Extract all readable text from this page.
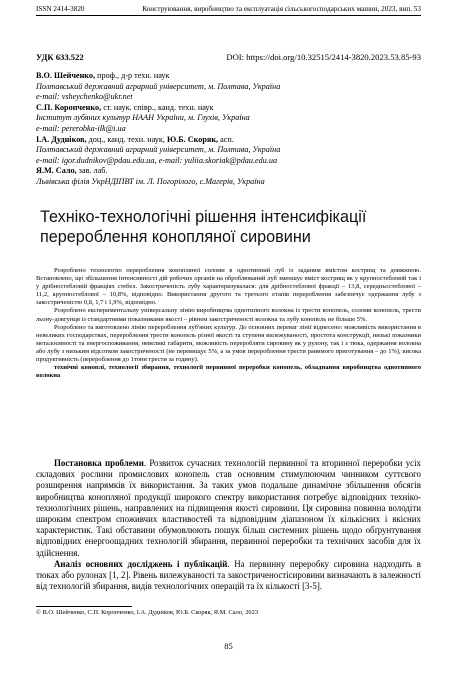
ISSN 2414-3820	Конструювання, виробництво та експлуатація сільськогосподарських машин, 2023, вип. 53
УДК 633.522	DOI: https://doi.org/10.32515/2414-3820.2023.53.85-93
В.О. Шейченко, проф., д-р техн. наук
Полтавський державний аграрний університет, м. Полтава, Україна
e-mail: vsheychenko@ukr.net
С.П. Коропченко, ст. наук. співр., канд. техн. наук
Інститут лубяних культур НААН України, м. Глухів, Україна
e-mail: pererobka-ilk@i.ua
І.А. Дудніков, доц., канд. техн. наук, Ю.Б. Скоряк, асп.
Полтавський державний аграрний університет, м. Полтава, Україна
e-mail: igor.dudnikov@pdau.edu.ua, e-mail: yuliia.skoriak@pdau.edu.ua
Я.М. Сало, зав. лаб.
Львівська філія УкрНДІПВТ ім. Л. Погорілого, с.Магерів, Україна
Техніко-технологічні рішення інтенсифікації перероблення конопляної сировини

Розроблено технологію перероблення конопляної соломи в однотипний луб із заданим вмістом кострищ та довжиною. Встановлено, що збільшення інтенсивності дій робочих органів на оброблюваний луб зменшує вміст кострищ як у крупностебловій так і у дрібностебловій фракціях стебел. Закостриченість лубу характеризувалася: для дрібностеблової фракції – 13,8, середньостеблової – 11,2, крупностеблової – 10,8%, відповідно. Використання другого та третього етапів перероблення забезпечує одержання лубу з закостриченістю 0,8, 1,7 і 1,9%, відповідно.

Розроблено експериментальну універсальну лінію виробництва однотипного волокна із трести конопель, соломи конопель, трести льону-довгунця із стандартними показниками якості – рівнем закостриченості волокна та лубу конопель не більше 5%.

Розроблено та виготовлено лінію перероблення луб'яних культур. До основних переваг лінії віднесено: можливість використання в невеликих господарствах, перероблення трести конопель різної якості та ступеня вилежуваності, простота конструкції, низькі показники металоємності та енергоспоживання, невеликі габарити, можливість переробляти сировину як у рулону, так і з тюка, одержання волокна або лубу з низьким відсотком закостриченості (не перевищує 5%, а за умов перероблення трести ранимого приготування – до 1%), висока продуктивність (перероблення до 1тони трести за годину).

технічні коноплі, технології збирання, технології первинної переробки конопель, обладнання виробництва однотипного волокна

Постановка проблеми. Розвиток сучасних технологій первинної та вторинної переробки усіх складових рослини промислових конопель став основним стимулюючим чинником суттєвого розширення напрямків їх використання. За таких умов подальше динамічне збільшення обсягів виробництва конопляної продукції широкого спектру використання потребує відповідних техніко-технологічних рішень, направлених на підвищення якості сировини. Ця сировина повинна володіти широким спектром споживчих властивостей та відповідним діапазоном їх кількісних і якісних характеристик. Такі обставини обумовлюють пошук більш системних рішень щодо обґрунтування відповідних енергоощадних технологій збирання, первинної переробки та технічних засобів для їх здійснення.

Аналіз основних досліджень і публікацій. На первинну переробку сировина надходить в тюках або рулонах [1, 2]. Рівень вилежуваності та закостриченостісировини визначають в залежності від технологій збирання, видів технологічних операцій та їх кількості [3-5].

© В.О. Шейченко, С.П. Коропченко, І.А. Дудніков, Ю.Б. Скоряк, Я.М. Сало, 2023
85
